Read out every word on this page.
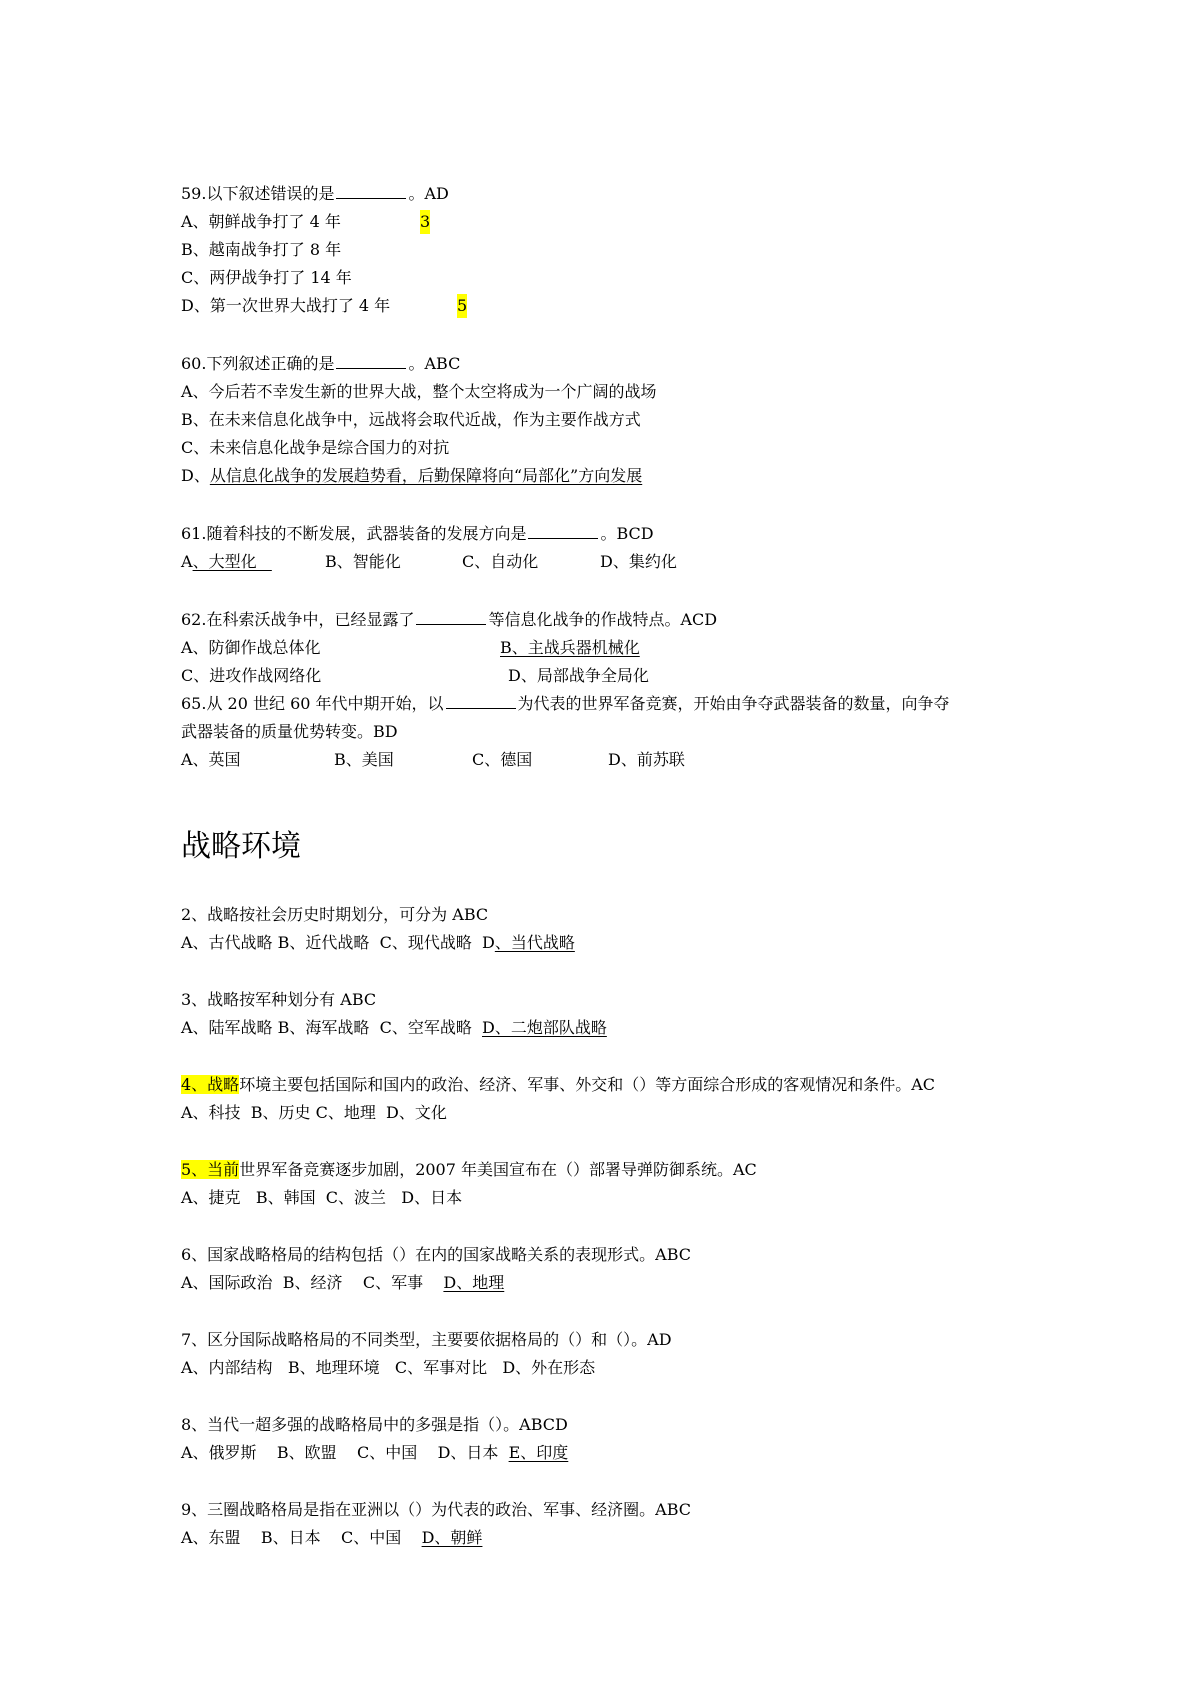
59.以下叙述错误的是	。AD
A、朝鲜战争打了 4 年	3
B、越南战争打了 8 年
C、两伊战争打了 14 年
D、第一次世界大战打了 4 年	5
60.下列叙述正确的是	。ABC
A、今后若不幸发生新的世界大战，整个太空将成为一个广阔的战场
B、在未来信息化战争中，远战将会取代近战，作为主要作战方式
C、未来信息化战争是综合国力的对抗
D、从信息化战争的发展趋势看，后勤保障将向“局部化”方向发展
61.随着科技的不断发展，武器装备的发展方向是	。BCD
A、大型化	B、智能化	C、自动化	D、集约化
62.在科索沃战争中，已经显露了	等信息化战争的作战特点。ACD
A、防御作战总体化	B、主战兵器机械化
C、进攻作战网络化	D、局部战争全局化
65.从 20 世纪 60 年代中期开始，以	为代表的世界军备竞赛，开始由争夺武器装备的数量，向争夺
武器装备的质量优势转变。BD
A、英国	B、美国	C、德国	D、前苏联
战略环境
2、战略按社会历史时期划分，可分为 ABC
A、古代战略 B、近代战略  C、现代战略  D、当代战略
3、战略按军种划分有 ABC
A、陆军战略 B、海军战略  C、空军战略  D、二炮部队战略
4、战略环境主要包括国际和国内的政治、经济、军事、外交和（）等方面综合形成的客观情况和条件。AC
A、科技  B、历史 C、地理  D、文化
5、当前世界军备竞赛逐步加剧，2007 年美国宣布在（）部署导弹防御系统。AC
A、捷克   B、韩国  C、波兰   D、日本
6、国家战略格局的结构包括（）在内的国家战略关系的表现形式。ABC
A、国际政治  B、经济    C、军事    D、地理
7、区分国际战略格局的不同类型，主要要依据格局的（）和（）。AD
A、内部结构   B、地理环境   C、军事对比   D、外在形态
8、当代一超多强的战略格局中的多强是指（）。ABCD
A、俄罗斯    B、欧盟    C、中国    D、日本  E、印度
9、三圈战略格局是指在亚洲以（）为代表的政治、军事、经济圈。ABC
A、东盟    B、日本    C、中国    D、朝鲜
